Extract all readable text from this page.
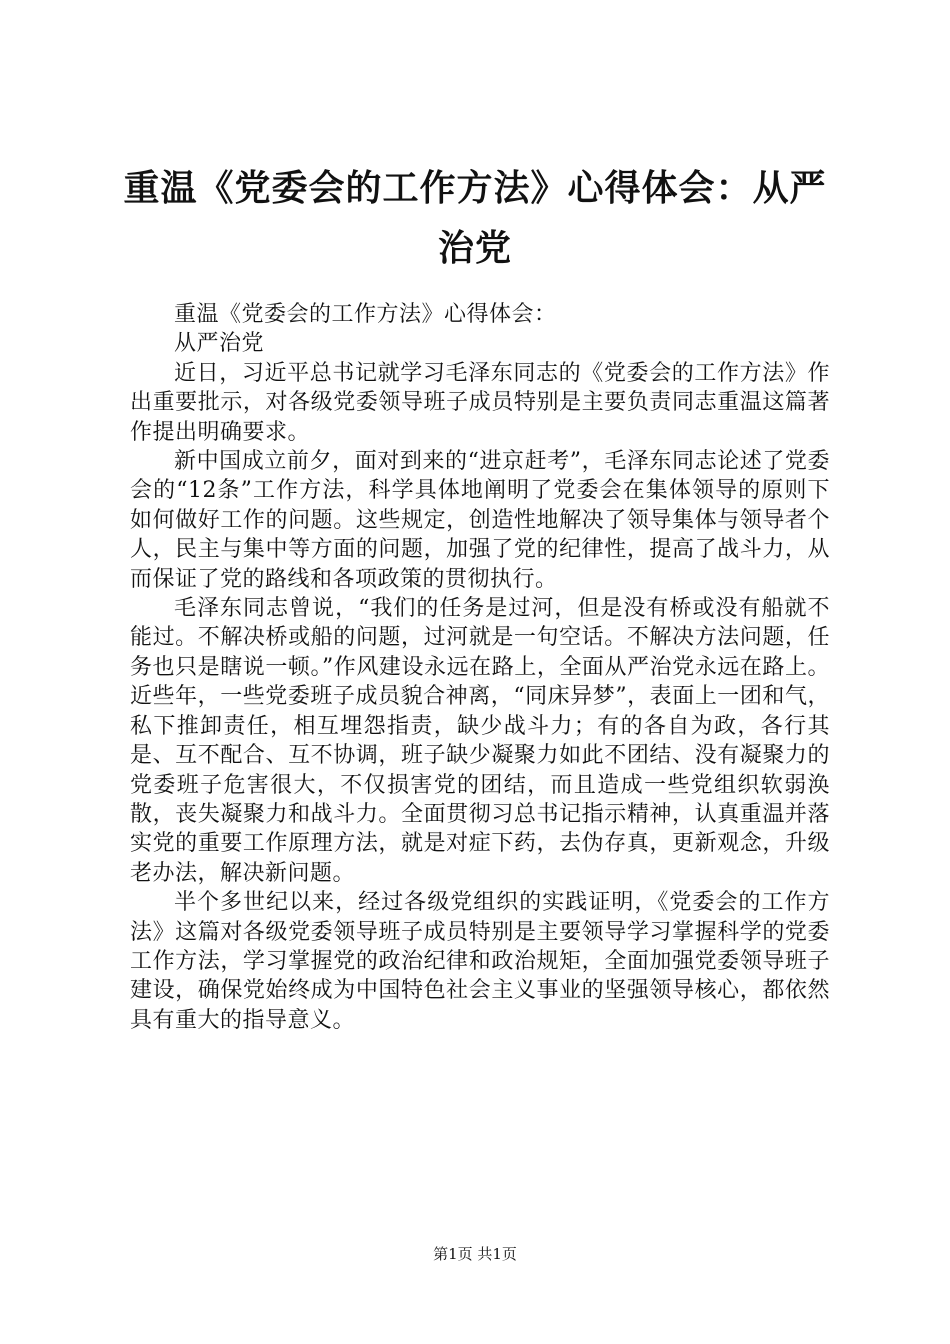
重温《党委会的工作方法》心得体会：从严治党

重温《党委会的工作方法》心得体会：

从严治党

近日，习近平总书记就学习毛泽东同志的《党委会的工作方法》作出重要批示，对各级党委领导班子成员特别是主要负责同志重温这篇著作提出明确要求。

新中国成立前夕，面对到来的“进京赶考”，毛泽东同志论述了党委会的“12条”工作方法，科学具体地阐明了党委会在集体领导的原则下如何做好工作的问题。这些规定，创造性地解决了领导集体与领导者个人，民主与集中等方面的问题，加强了党的纪律性，提高了战斗力，从而保证了党的路线和各项政策的贯彻执行。

毛泽东同志曾说，“我们的任务是过河，但是没有桥或没有船就不能过。不解决桥或船的问题，过河就是一句空话。不解决方法问题，任务也只是瞎说一顿。”作风建设永远在路上，全面从严治党永远在路上。近些年，一些党委班子成员貌合神离，“同床异梦”，表面上一团和气，私下推卸责任，相互埋怨指责，缺少战斗力；有的各自为政，各行其是、互不配合、互不协调，班子缺少凝聚力如此不团结、没有凝聚力的党委班子危害很大，不仅损害党的团结，而且造成一些党组织软弱涣散，丧失凝聚力和战斗力。全面贯彻习总书记指示精神，认真重温并落实党的重要工作原理方法，就是对症下药，去伪存真，更新观念，升级老办法，解决新问题。

半个多世纪以来，经过各级党组织的实践证明，《党委会的工作方法》这篇对各级党委领导班子成员特别是主要领导学习掌握科学的党委工作方法，学习掌握党的政治纪律和政治规矩，全面加强党委领导班子建设，确保党始终成为中国特色社会主义事业的坚强领导核心，都依然具有重大的指导意义。

第1页 共1页
